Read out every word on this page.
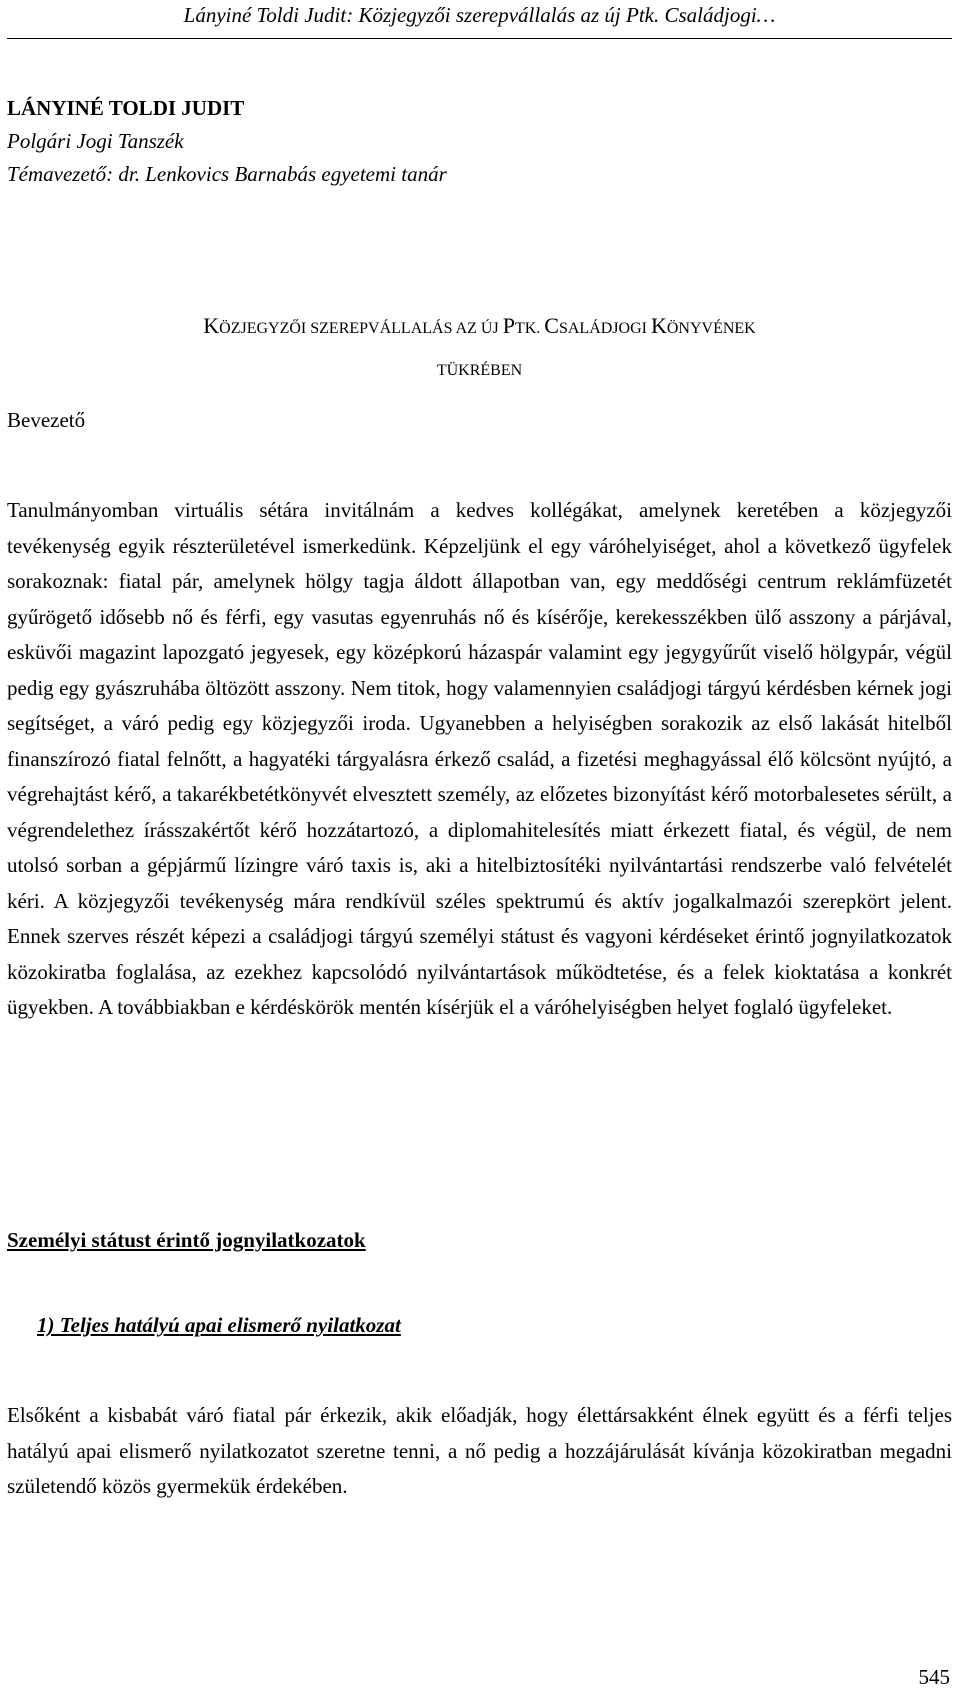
Lányiné Toldi Judit: Közjegyzői szerepvállalás az új Ptk. Családjogi…
LÁNYINÉ TOLDI JUDIT
Polgári Jogi Tanszék
Témavezető: dr. Lenkovics Barnabás egyetemi tanár
KÖZJEGYZŐI SZEREPVÁLLALÁS AZ ÚJ PTK. CSALÁDJOGI KÖNYVÉNEK
TÜKRÉBEN
Bevezető
Tanulmányomban virtuális sétára invitálnám a kedves kollégákat, amelynek keretében a közjegyzői tevékenység egyik részterületével ismerkedünk. Képzeljünk el egy váróhelyiséget, ahol a következő ügyfelek sorakoznak: fiatal pár, amelynek hölgy tagja áldott állapotban van, egy meddőségi centrum reklámfüzetét gyűrögető idősebb nő és férfi, egy vasutas egyenruhás nő és kísérője, kerekesszékben ülő asszony a párjával, esküvői magazint lapozgató jegyesek, egy középkorú házaspár valamint egy jegygyűrűt viselő hölgypár, végül pedig egy gyászruhába öltözött asszony. Nem titok, hogy valamennyien családjogi tárgyú kérdésben kérnek jogi segítséget, a váró pedig egy közjegyzői iroda. Ugyanebben a helyiségben sorakozik az első lakását hitelből finanszírozó fiatal felnőtt, a hagyatéki tárgyalásra érkező család, a fizetési meghagyással élő kölcsönt nyújtó, a végrehajtást kérő, a takarékbetétkönyvét elvesztett személy, az előzetes bizonyítást kérő motorbalesetes sérült, a végrendelethez írásszakértőt kérő hozzátartozó, a diplomahitelesítés miatt érkezett fiatal, és végül, de nem utolsó sorban a gépjármű lízingre váró taxis is, aki a hitelbiztosítéki nyilvántartási rendszerbe való felvételét kéri. A közjegyzői tevékenység mára rendkívül széles spektrumú és aktív jogalkalmazói szerepkört jelent. Ennek szerves részét képezi a családjogi tárgyú személyi státust és vagyoni kérdéseket érintő jognyilatkozatok közokiratba foglalása, az ezekhez kapcsolódó nyilvántartások működtetése, és a felek kioktatása a konkrét ügyekben. A továbbiakban e kérdéskörök mentén kísérjük el a váróhelyiségben helyet foglaló ügyfeleket.
Személyi státust érintő jognyilatkozatok
1) Teljes hatályú apai elismerő nyilatkozat
Elsőként a kisbabát váró fiatal pár érkezik, akik előadják, hogy élettársakként élnek együtt és a férfi teljes hatályú apai elismerő nyilatkozatot szeretne tenni, a nő pedig a hozzájárulását kívánja közokiratban megadni születendő közös gyermekük érdekében.
545
